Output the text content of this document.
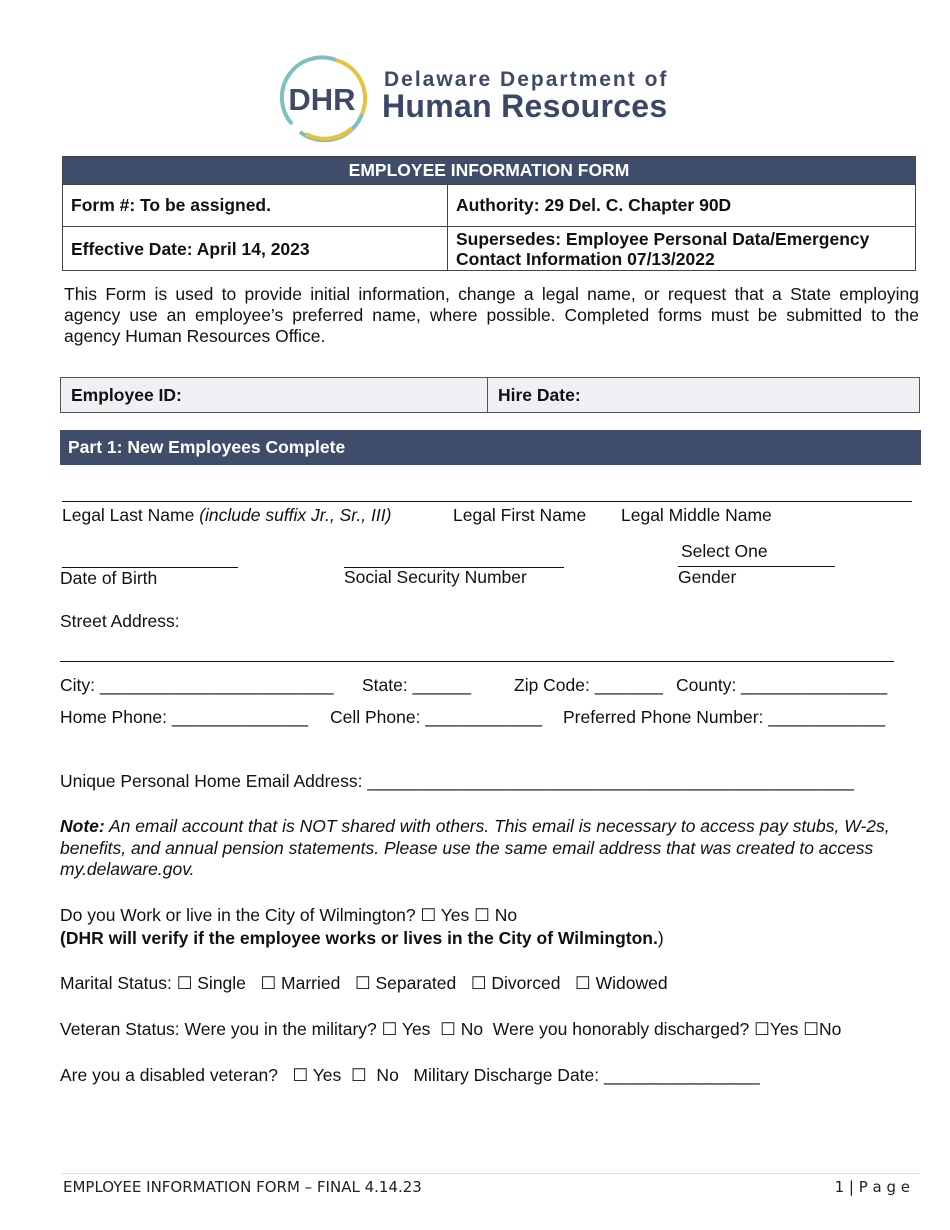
DHR
Delaware Department of
Human Resources
EMPLOYEE INFORMATION FORM	
Form #: To be assigned.	Authority: 29 Del. C. Chapter 90D
Effective Date: April 14, 2023	Supersedes: Employee Personal Data/Emergency Contact Information 07/13/2022
This Form is used to provide initial information, change a legal name, or request that a State employing agency use an employee’s preferred name, where possible. Completed forms must be submitted to the agency Human Resources Office.
Employee ID:	Hire Date:
Part 1: New Employees Complete
Legal Last Name (include suffix Jr., Sr., III)	Legal First Name Legal Middle Name
Date of Birth	Social Security Number
Select One
Gender
Street Address:
City: ________________________ State: ______ Zip Code: _______ County: _______________
Home Phone: ______________ Cell Phone: ____________ Preferred Phone Number: ____________
Unique Personal Home Email Address: __________________________________________________
Note: An email account that is NOT shared with others. This email is necessary to access pay stubs, W-2s, benefits, and annual pension statements. Please use the same email address that was created to access my.delaware.gov.
Do you Work or live in the City of Wilmington? ☐ Yes ☐ No
(DHR will verify if the employee works or lives in the City of Wilmington.)
Marital Status: ☐ Single   ☐ Married   ☐ Separated   ☐ Divorced   ☐ Widowed
Veteran Status: Were you in the military? ☐ Yes  ☐ No  Were you honorably discharged? ☐Yes ☐No
Are you a disabled veteran?   ☐ Yes  ☐  No   Military Discharge Date: ________________
EMPLOYEE INFORMATION FORM – FINAL 4.14.23	1 | P a g e
